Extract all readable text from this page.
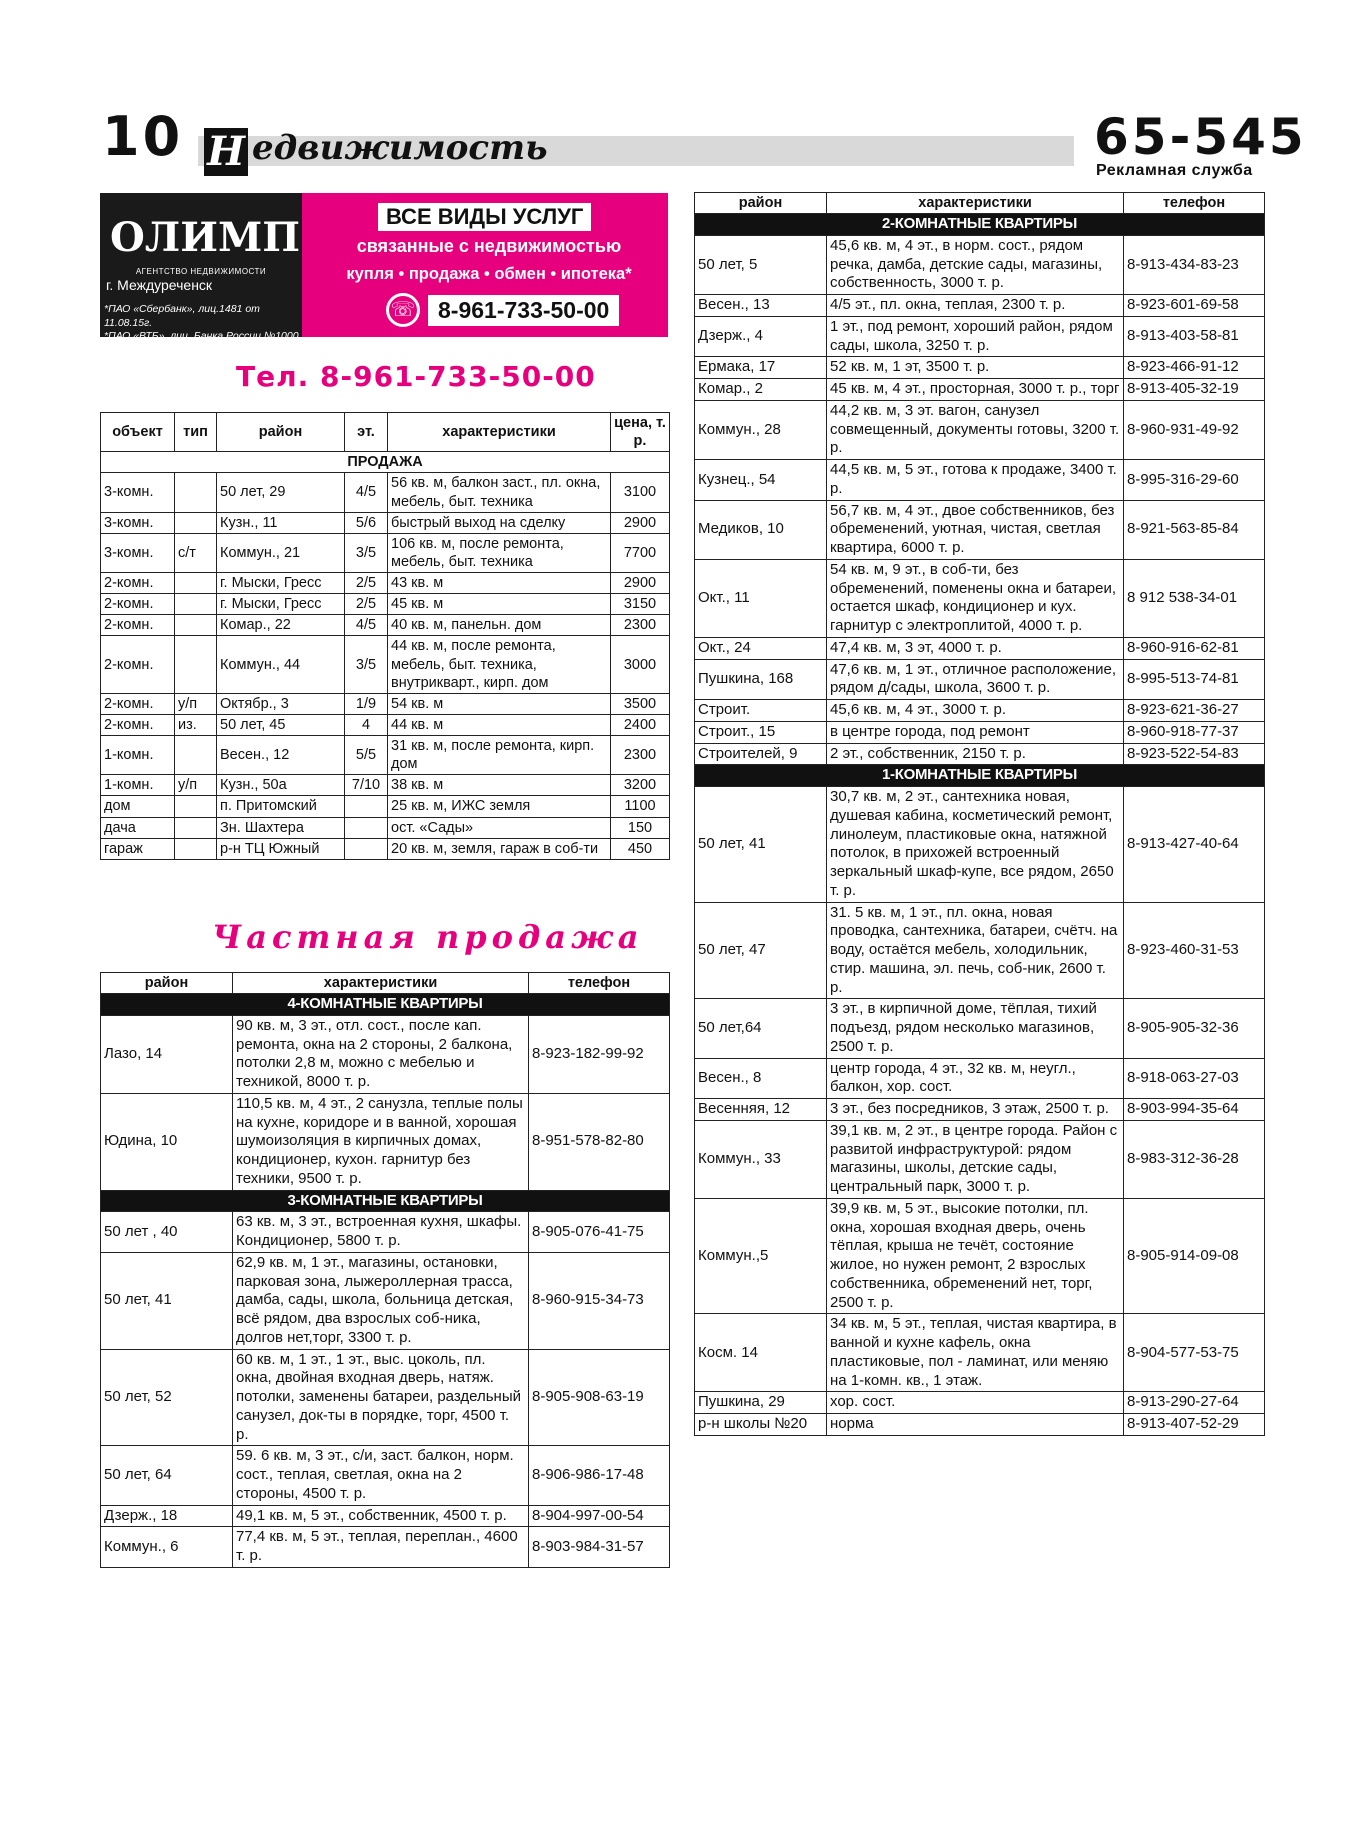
10 Н едвижимость	65-545
Рекламная служба
ОЛИМП
АГЕНТСТВО НЕДВИЖИМОСТИ
г. Междуреченск
*ПАО «Сбербанк», лиц.1481 от 11.08.15г.
*ПАО «ВТБ», лиц. Банка России №1000 от 08.07.2015г.
ВСЕ ВИДЫ УСЛУГ
связанные с недвижимостью
купля • продажа • обмен • ипотека*
☏ 8-961-733-50-00
Тел. 8-961-733-50-00
объект	тип	район	эт.	характеристики	цена, т. р.
ПРОДАЖА					
3-комн.		50 лет, 29	4/5	56 кв. м, балкон заст., пл. окна, мебель, быт. техника	3100
3-комн.		Кузн., 11	5/6	быстрый выход на сделку	2900
3-комн.	с/т	Коммун., 21	3/5	106 кв. м, после ремонта, мебель, быт. техника	7700
2-комн.		г. Мыски, Гресс	2/5	43 кв. м	2900
2-комн.		г. Мыски, Гресс	2/5	45 кв. м	3150
2-комн.		Комар., 22	4/5	40 кв. м, панельн. дом	2300
2-комн.		Коммун., 44	3/5	44 кв. м, после ремонта, мебель, быт. техника, внутрикварт., кирп. дом	3000
2-комн.	у/п	Октябр., 3	1/9	54 кв. м	3500
2-комн.	из.	50 лет, 45	4	44 кв. м	2400
1-комн.		Весен., 12	5/5	31 кв. м, после ремонта, кирп. дом	2300
1-комн.	у/п	Кузн., 50а	7/10	38 кв. м	3200
дом		п. Притомский		25 кв. м, ИЖС земля	1100
дача		Зн. Шахтера		ост. «Сады»	150
гараж		р-н ТЦ Южный		20 кв. м, земля, гараж в соб-ти	450
Частная продажа
район	характеристики	телефон
4-КОМНАТНЫЕ КВАРТИРЫ		
Лазо, 14	90 кв. м, 3 эт., отл. сост., после кап. ремонта, окна на 2 стороны, 2 балкона, потолки 2,8 м, можно с мебелью и техникой, 8000 т. р.	8-923-182-99-92
Юдина, 10	110,5 кв. м, 4 эт., 2 санузла, теплые полы на кухне, коридоре и в ванной, хорошая шумоизоляция в кирпичных домах, кондиционер, кухон. гарнитур без техники, 9500 т. р.	8-951-578-82-80
3-КОМНАТНЫЕ КВАРТИРЫ		
50 лет , 40	63 кв. м, 3 эт., встроенная кухня, шкафы. Кондиционер, 5800 т. р.	8-905-076-41-75
50 лет, 41	62,9 кв. м, 1 эт., магазины, остановки, парковая зона, лыжероллерная трасса, дамба, сады, школа, больница детская, всё рядом, два взрослых соб-ника, долгов нет,торг, 3300 т. р.	8-960-915-34-73
50 лет, 52	60 кв. м, 1 эт., 1 эт., выс. цоколь, пл. окна, двойная входная дверь, натяж. потолки, заменены батареи, раздельный санузел, док-ты в порядке, торг, 4500 т. р.	8-905-908-63-19
50 лет, 64	59. 6 кв. м, 3 эт., с/и, заст. балкон, норм. сост., теплая, светлая, окна на 2 стороны, 4500 т. р.	8-906-986-17-48
Дзерж., 18	49,1 кв. м, 5 эт., собственник, 4500 т. р.	8-904-997-00-54
Коммун., 6	77,4 кв. м, 5 эт., теплая, переплан., 4600 т. р.	8-903-984-31-57
район	характеристики	телефон
2-КОМНАТНЫЕ КВАРТИРЫ		
50 лет, 5	45,6 кв. м, 4 эт., в норм. сост., рядом речка, дамба, детские сады, магазины, собственность, 3000 т. р.	8-913-434-83-23
Весен., 13	4/5 эт., пл. окна, теплая, 2300 т. р.	8-923-601-69-58
Дзерж., 4	1 эт., под ремонт, хороший район, рядом сады, школа, 3250 т. р.	8-913-403-58-81
Ермака, 17	52 кв. м, 1 эт, 3500 т. р.	8-923-466-91-12
Комар., 2	45 кв. м, 4 эт., просторная, 3000 т. р., торг	8-913-405-32-19
Коммун., 28	44,2 кв. м, 3 эт. вагон, санузел совмещенный, документы готовы, 3200 т. р.	8-960-931-49-92
Кузнец., 54	44,5 кв. м, 5 эт., готова к продаже, 3400 т. р.	8-995-316-29-60
Медиков, 10	56,7 кв. м, 4 эт., двое собственников, без обременений, уютная, чистая, светлая квартира, 6000 т. р.	8-921-563-85-84
Окт., 11	54 кв. м, 9 эт., в соб-ти, без обременений, поменены окна и батареи, остается шкаф, кондиционер и кух. гарнитур с электроплитой, 4000 т. р.	8 912 538-34-01
Окт., 24	47,4 кв. м, 3 эт, 4000 т. р.	8-960-916-62-81
Пушкина, 168	47,6 кв. м, 1 эт., отличное расположение, рядом д/сады, школа, 3600 т. р.	8-995-513-74-81
Строит.	45,6 кв. м, 4 эт., 3000 т. р.	8-923-621-36-27
Строит., 15	в центре города, под ремонт	8-960-918-77-37
Строителей, 9	2 эт., собственник, 2150 т. р.	8-923-522-54-83
1-КОМНАТНЫЕ КВАРТИРЫ		
50 лет, 41	30,7 кв. м, 2 эт., сантехника новая, душевая кабина, косметический ремонт, линолеум, пластиковые окна, натяжной потолок, в прихожей встроенный зеркальный шкаф-купе, все рядом, 2650 т. р.	8-913-427-40-64
50 лет, 47	31. 5 кв. м, 1 эт., пл. окна, новая проводка, сантехника, батареи, счётч. на воду, остаётся мебель, холодильник, стир. машина, эл. печь, соб-ник, 2600 т. р.	8-923-460-31-53
50 лет,64	3 эт., в кирпичной доме, тёплая, тихий подъезд, рядом несколько магазинов, 2500 т. р.	8-905-905-32-36
Весен., 8	центр города, 4 эт., 32 кв. м, неугл., балкон, хор. сост.	8-918-063-27-03
Весенняя, 12	3 эт., без посредников, 3 этаж, 2500 т. р.	8-903-994-35-64
Коммун., 33	39,1 кв. м, 2 эт., в центре города. Район с развитой инфраструктурой: рядом магазины, школы, детские сады, центральный парк, 3000 т. р.	8-983-312-36-28
Коммун.,5	39,9 кв. м, 5 эт., высокие потолки, пл. окна, хорошая входная дверь, очень тёплая, крыша не течёт, состояние жилое, но нужен ремонт, 2 взрослых собственника, обременений нет, торг, 2500 т. р.	8-905-914-09-08
Косм. 14	34 кв. м, 5 эт., теплая, чистая квартира, в ванной и кухне кафель, окна пластиковые, пол - ламинат, или меняю на 1-комн. кв., 1 этаж.	8-904-577-53-75
Пушкина, 29	хор. сост.	8-913-290-27-64
р-н школы №20	норма	8-913-407-52-29
